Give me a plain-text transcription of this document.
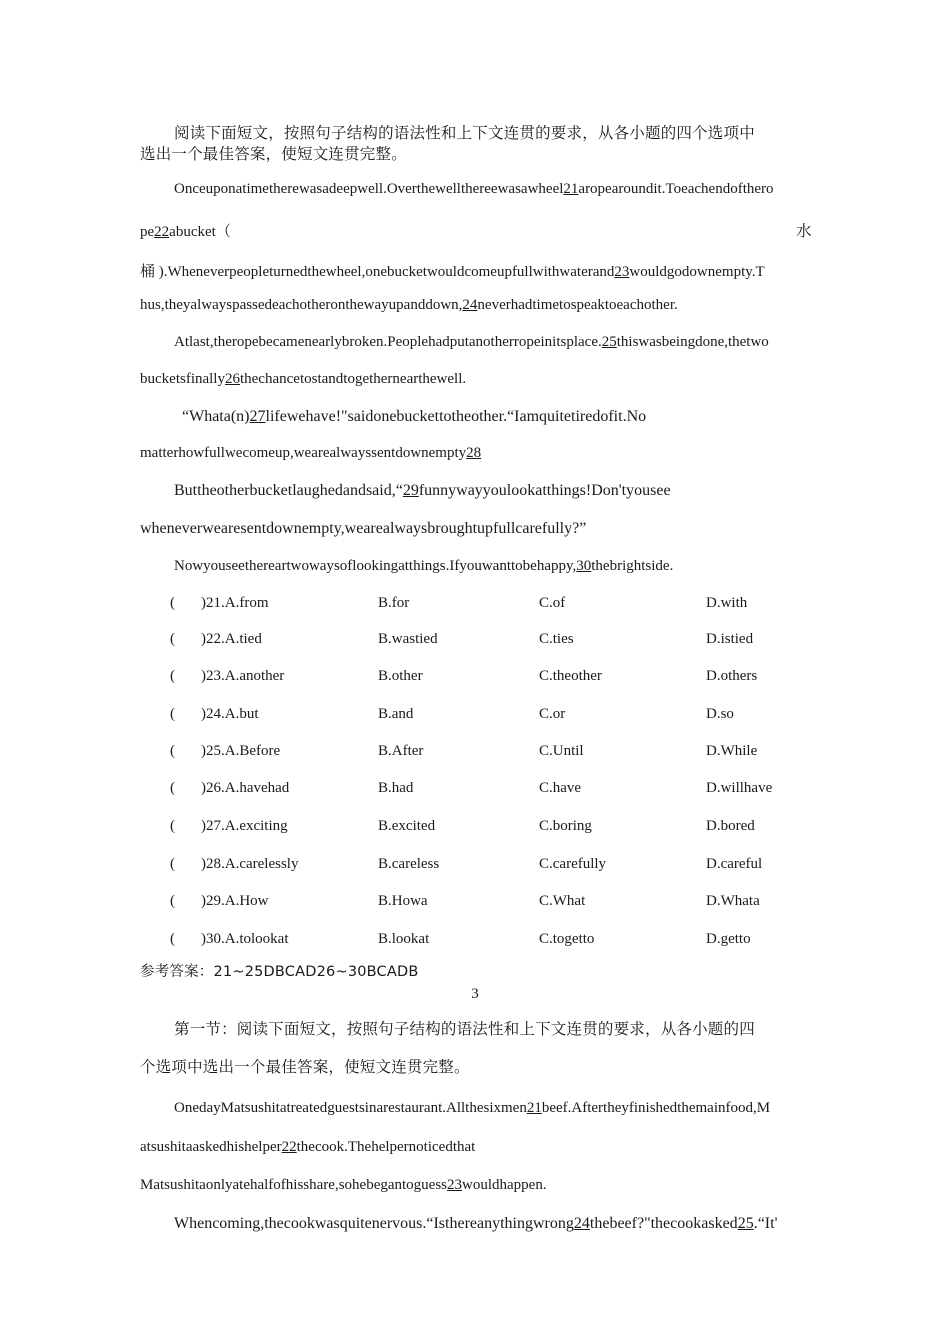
阅读下面短文，按照句子结构的语法性和上下文连贯的要求，从各小题的四个选项中
选出一个最佳答案，使短文连贯完整。
Onceuponatimetherewasadeepwell.Overthewellthereewasawheel21aropearoundit.Toeachendofthero
pe22abucket（	水
桶 ).Wheneverpeopleturnedthewheel,onebucketwouldcomeupfullwithwaterand23wouldgodownempty.T
hus,theyalwayspassedeachotheronthewayupanddown,24neverhadtimetospeaktoeachother.
Atlast,theropebecamenearlybroken.Peoplehadputanotherropeinitsplace.25thiswasbeingdone,thetwo
bucketsfinally26thechancetostandtogethernearthewell.
“Whata(n)27lifewehave!"saidonebuckettotheother.“Iamquitetiredofit.No
matterhowfullwecomeup,wearealwayssentdownempty28
Buttheotherbucketlaughedandsaid,“29funnywayyoulookatthings!Don'tyousee
wheneverwearesentdownempty,wearealwaysbroughtupfullcarefully?”
Nowyouseethereartwowaysoflookingatthings.Ifyouwanttobehappy,30thebrightside.
( )21.A.from	B.for	C.of	D.with
( )22.A.tied	B.wastied	C.ties	D.istied
( )23.A.another	B.other	C.theother	D.others
( )24.A.but	B.and	C.or	D.so
( )25.A.Before	B.After	C.Until	D.While
( )26.A.havehad	B.had	C.have	D.willhave
( )27.A.exciting	B.excited	C.boring	D.bored
( )28.A.carelessly	B.careless	C.carefully	D.careful
( )29.A.How	B.Howa	C.What	D.Whata
( )30.A.tolookat	B.lookat	C.togetto	D.getto
参考答案：21~25DBCAD26~30BCADB
3
第一节：阅读下面短文，按照句子结构的语法性和上下文连贯的要求，从各小题的四
个选项中选出一个最佳答案，使短文连贯完整。
OnedayMatsushitatreatedguestsinarestaurant.Allthesixmen21beef.Aftertheyfinishedthemainfood,M
atsushitaaskedhishelper22thecook.Thehelpernoticedthat
Matsushitaonlyatehalfofhisshare,sohebegantoguess23wouldhappen.
Whencoming,thecookwasquitenervous.“Isthereanythingwrong24thebeef?"thecookasked25.“It'
